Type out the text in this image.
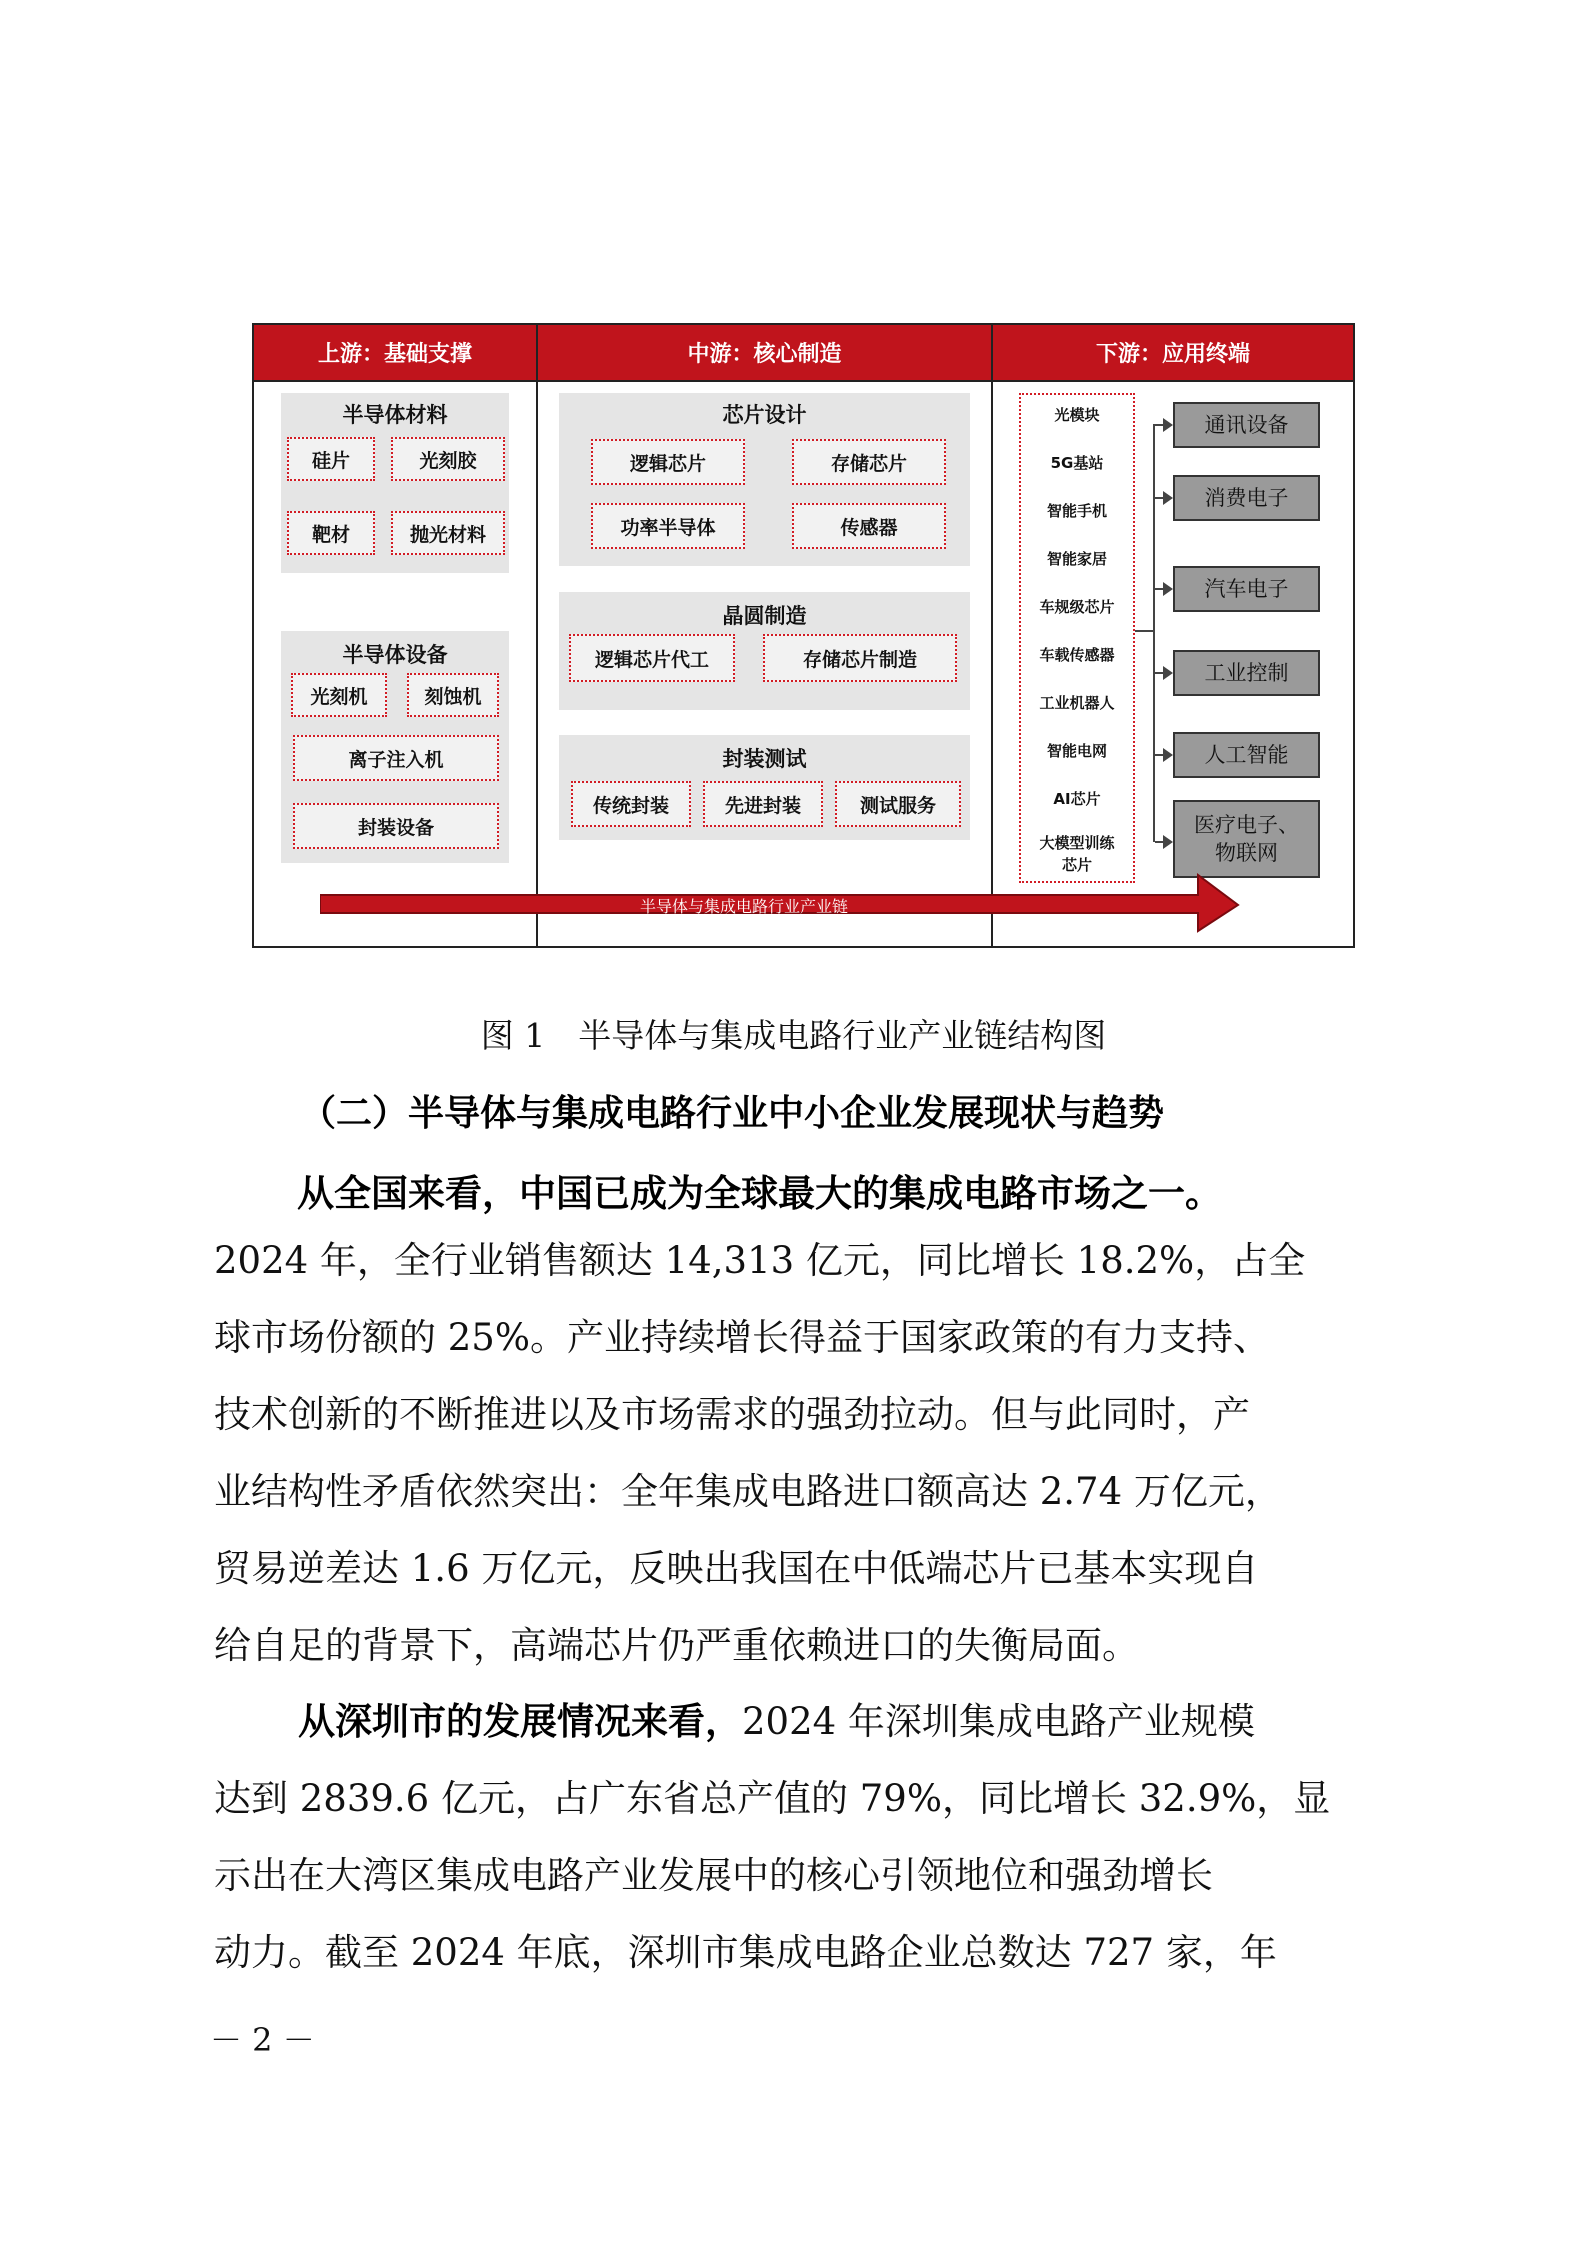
上游：基础支撑	中游：核心制造	下游：应用终端
半导体材料
硅片	光刻胶
靶材	抛光材料
半导体设备
光刻机	刻蚀机
离子注入机
封装设备
芯片设计
逻辑芯片	存储芯片
功率半导体	传感器
晶圆制造
逻辑芯片代工	存储芯片制造
封装测试
传统封装	先进封装	测试服务
光模块
5G基站
智能手机
智能家居
车规级芯片
车载传感器
工业机器人
智能电网
AI芯片
大模型训练
芯片
通讯设备
消费电子
汽车电子
工业控制
人工智能
医疗电子、
物联网
半导体与集成电路行业产业链
图 1　半导体与集成电路行业产业链结构图
（二）半导体与集成电路行业中小企业发展现状与趋势
从全国来看，中国已成为全球最大的集成电路市场之一。
2024 年，全行业销售额达 14,313 亿元，同比增长 18.2%，占全
球市场份额的 25%。产业持续增长得益于国家政策的有力支持、
技术创新的不断推进以及市场需求的强劲拉动。但与此同时，产
业结构性矛盾依然突出：全年集成电路进口额高达 2.74 万亿元，
贸易逆差达 1.6 万亿元，反映出我国在中低端芯片已基本实现自
给自足的背景下，高端芯片仍严重依赖进口的失衡局面。
从深圳市的发展情况来看，2024 年深圳集成电路产业规模
达到 2839.6 亿元，占广东省总产值的 79%，同比增长 32.9%，显
示出在大湾区集成电路产业发展中的核心引领地位和强劲增长
动力。截至 2024 年底，深圳市集成电路企业总数达 727 家，年
－ 2 －
